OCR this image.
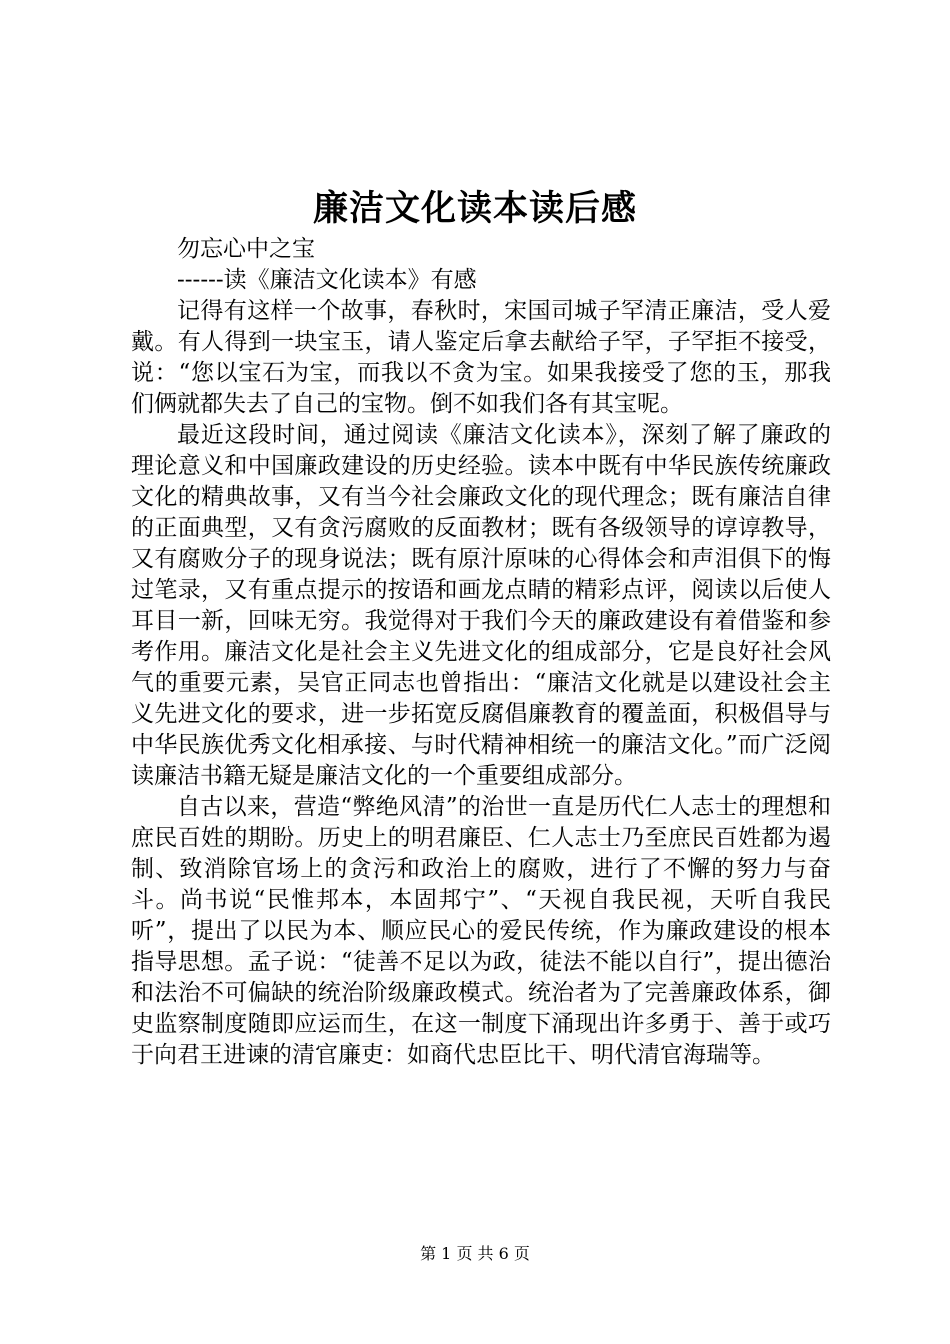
廉洁文化读本读后感

勿忘心中之宝

------读《廉洁文化读本》有感

记得有这样一个故事，春秋时，宋国司城子罕清正廉洁，受人爱戴。有人得到一块宝玉，请人鉴定后拿去献给子罕，子罕拒不接受，说：“您以宝石为宝，而我以不贪为宝。如果我接受了您的玉，那我们俩就都失去了自己的宝物。倒不如我们各有其宝呢。

最近这段时间，通过阅读《廉洁文化读本》，深刻了解了廉政的理论意义和中国廉政建设的历史经验。读本中既有中华民族传统廉政文化的精典故事，又有当今社会廉政文化的现代理念；既有廉洁自律的正面典型，又有贪污腐败的反面教材；既有各级领导的谆谆教导，又有腐败分子的现身说法；既有原汁原味的心得体会和声泪俱下的悔过笔录，又有重点提示的按语和画龙点睛的精彩点评，阅读以后使人耳目一新，回味无穷。我觉得对于我们今天的廉政建设有着借鉴和参考作用。廉洁文化是社会主义先进文化的组成部分，它是良好社会风气的重要元素，吴官正同志也曾指出：“廉洁文化就是以建设社会主义先进文化的要求，进一步拓宽反腐倡廉教育的覆盖面，积极倡导与中华民族优秀文化相承接、与时代精神相统一的廉洁文化。”而广泛阅读廉洁书籍无疑是廉洁文化的一个重要组成部分。

自古以来，营造“弊绝风清”的治世一直是历代仁人志士的理想和庶民百姓的期盼。历史上的明君廉臣、仁人志士乃至庶民百姓都为遏制、致消除官场上的贪污和政治上的腐败，进行了不懈的努力与奋斗。尚书说“民惟邦本，本固邦宁”、“天视自我民视，天听自我民听”，提出了以民为本、顺应民心的爱民传统，作为廉政建设的根本指导思想。孟子说：“徒善不足以为政，徒法不能以自行”，提出德治和法治不可偏缺的统治阶级廉政模式。统治者为了完善廉政体系，御史监察制度随即应运而生，在这一制度下涌现出许多勇于、善于或巧于向君王进谏的清官廉吏：如商代忠臣比干、明代清官海瑞等。

第 1 页 共 6 页
